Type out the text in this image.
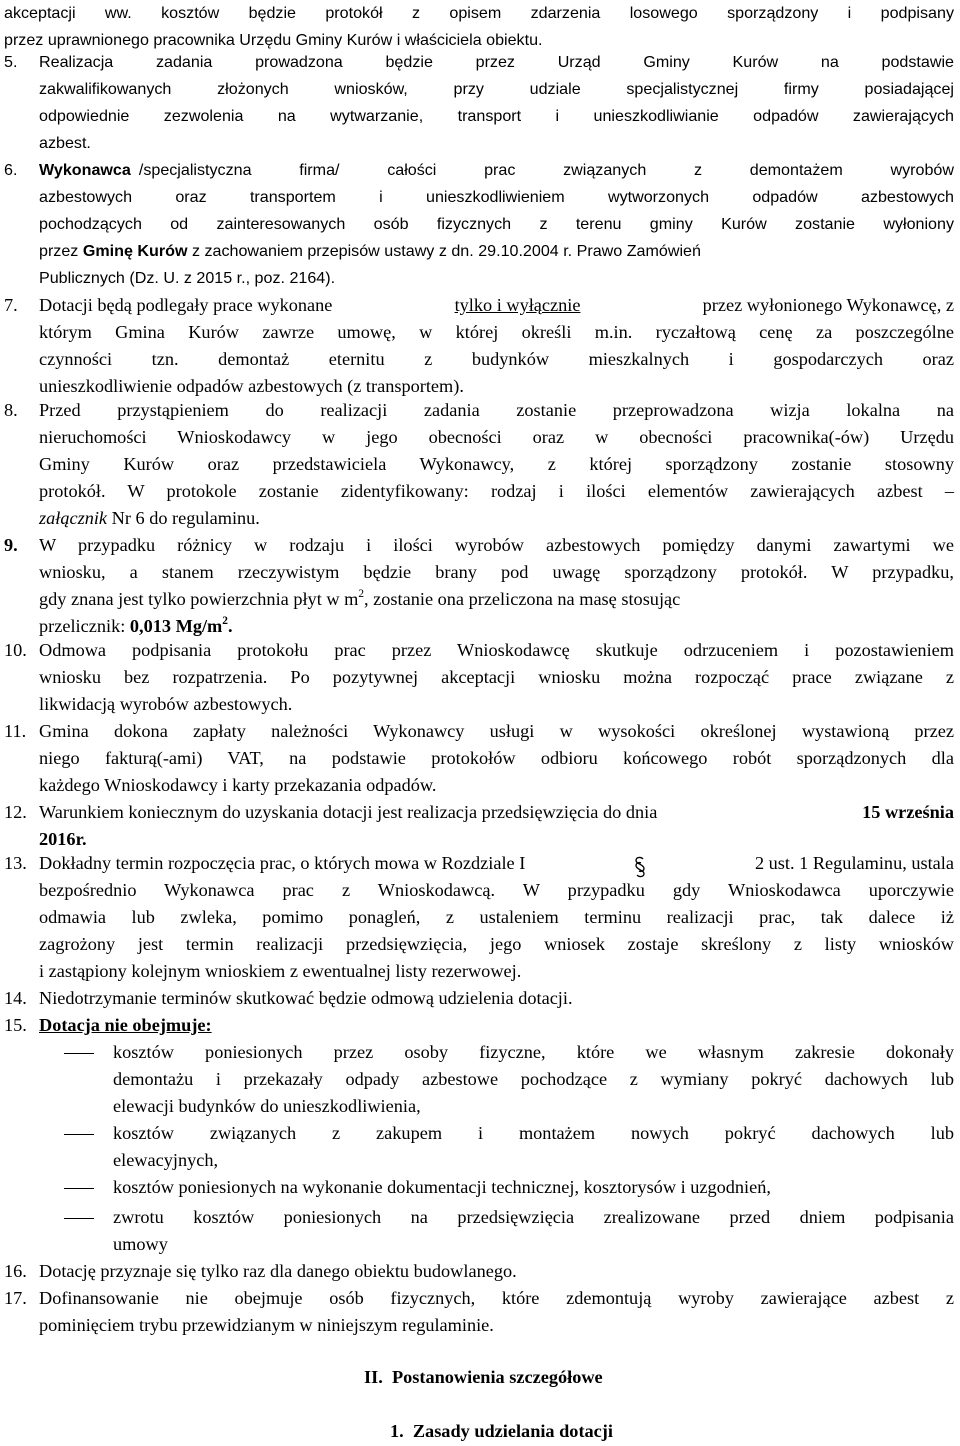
akceptacji ww. kosztów będzie protokół z opisem zdarzenia losowego sporządzony i podpisany
przez uprawnionego pracownika Urzędu Gminy Kurów i właściciela obiektu.
5. Realizacja zadania prowadzona będzie przez Urząd Gminy Kurów na podstawie
zakwalifikowanych złożonych wniosków, przy udziale specjalistycznej firmy posiadającej
odpowiednie zezwolenia na wytwarzanie, transport i unieszkodliwianie odpadów zawierających
azbest.
6. Wykonawca /specjalistyczna firma/ całości prac związanych z demontażem wyrobów
azbestowych oraz transportem i unieszkodliwieniem wytworzonych odpadów azbestowych
pochodzących od zainteresowanych osób fizycznych z terenu gminy Kurów zostanie wyłoniony
przez Gminę Kurów z zachowaniem przepisów ustawy z dn. 29.10.2004 r. Prawo Zamówień
Publicznych (Dz. U. z 2015 r., poz. 2164).
7. Dotacji będą podlegały prace wykonane	tylko i wyłącznie	przez wyłonionego Wykonawcę, z
którym Gmina Kurów zawrze umowę, w której określi m.in. ryczałtową cenę za poszczególne
czynności tzn. demontaż eternitu z budynków mieszkalnych i gospodarczych oraz
unieszkodliwienie odpadów azbestowych (z transportem).
8. Przed przystąpieniem do realizacji zadania zostanie przeprowadzona wizja lokalna na
nieruchomości Wnioskodawcy w jego obecności oraz w obecności pracownika(-ów) Urzędu
Gminy Kurów oraz przedstawiciela Wykonawcy, z której sporządzony zostanie stosowny
protokół. W protokole zostanie zidentyfikowany: rodzaj i ilości elementów zawierających azbest –
załącznik Nr 6 do regulaminu.
9. W przypadku różnicy w rodzaju i ilości wyrobów azbestowych pomiędzy danymi zawartymi we
wniosku, a stanem rzeczywistym będzie brany pod uwagę sporządzony protokół. W przypadku,
gdy znana jest tylko powierzchnia płyt w $m^2$, zostanie ona przeliczona na masę stosując
przelicznik: 0,013 $Mg/m^2$.
10. Odmowa podpisania protokołu prac przez Wnioskodawcę skutkuje odrzuceniem i pozostawieniem
wniosku bez rozpatrzenia. Po pozytywnej akceptacji wniosku można rozpocząć prace związane z
likwidacją wyrobów azbestowych.
11. Gmina dokona zapłaty należności Wykonawcy usługi w wysokości określonej wystawioną przez
niego fakturą(-ami) VAT, na podstawie protokołów odbioru końcowego robót sporządzonych dla
każdego Wnioskodawcy i karty przekazania odpadów.
12. Warunkiem koniecznym do uzyskania dotacji jest realizacja przedsięwzięcia do dnia	15 września
2016r.
13. Dokładny termin rozpoczęcia prac, o których mowa w Rozdziale I	2 ust. 1 Regulaminu, ustala
bezpośrednio Wykonawca prac z Wnioskodawcą. W przypadku gdy Wnioskodawca uporczywie
odmawia lub zwleka, pomimo ponagleń, z ustaleniem terminu realizacji prac, tak dalece iż
zagrożony jest termin realizacji przedsięwzięcia, jego wniosek zostaje skreślony z listy wniosków
i zastąpiony kolejnym wnioskiem z ewentualnej listy rezerwowej.
14. Niedotrzymanie terminów skutkować będzie odmową udzielenia dotacji.
15. Dotacja nie obejmuje:
kosztów poniesionych przez osoby fizyczne, które we własnym zakresie dokonały
demontażu i przekazały odpady azbestowe pochodzące z wymiany pokryć dachowych lub
elewacji budynków do unieszkodliwienia,
kosztów związanych z zakupem i montażem nowych pokryć dachowych lub
elewacyjnych,
kosztów poniesionych na wykonanie dokumentacji technicznej, kosztorysów i uzgodnień,
zwrotu kosztów poniesionych na przedsięwzięcia zrealizowane przed dniem podpisania
umowy
16. Dotację przyznaje się tylko raz dla danego obiektu budowlanego.
17. Dofinansowanie nie obejmuje osób fizycznych, które zdemontują wyroby zawierające azbest z
pominięciem trybu przewidzianym w niniejszym regulaminie.
II. Postanowienia szczegółowe
1. Zasady udzielania dotacji
